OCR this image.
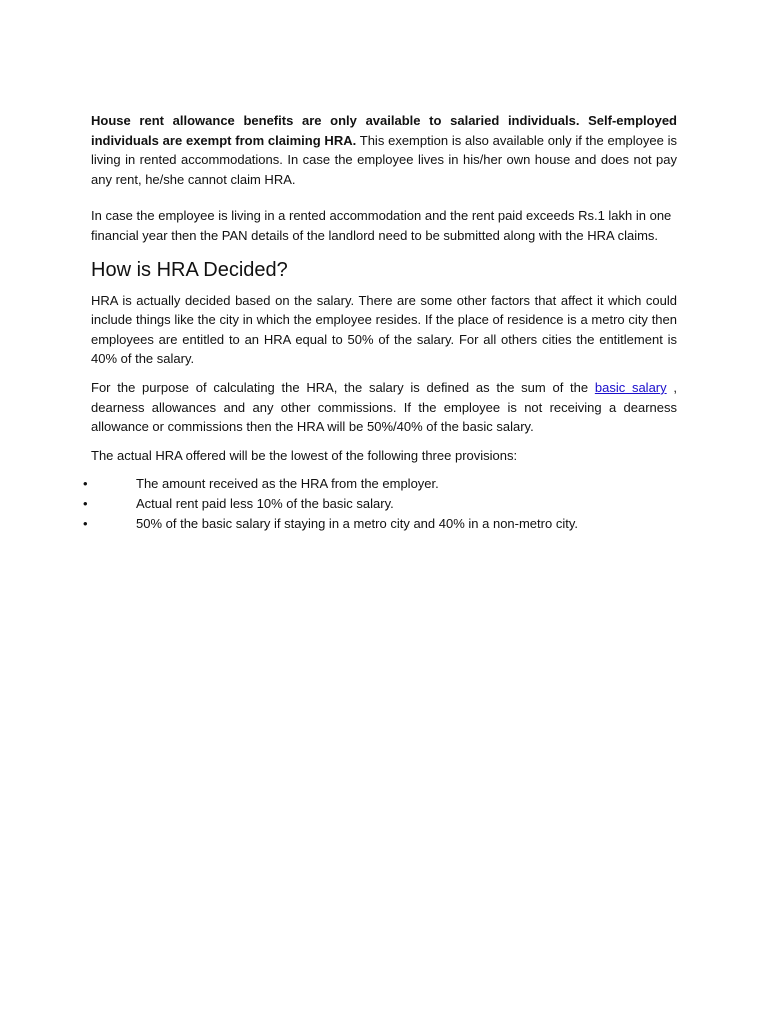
House rent allowance benefits are only available to salaried individuals. Self-employed individuals are exempt from claiming HRA. This exemption is also available only if the employee is living in rented accommodations. In case the employee lives in his/her own house and does not pay any rent, he/she cannot claim HRA.

In case the employee is living in a rented accommodation and the rent paid exceeds Rs.1 lakh in one financial year then the PAN details of the landlord need to be submitted along with the HRA claims.

How is HRA Decided?

HRA is actually decided based on the salary. There are some other factors that affect it which could include things like the city in which the employee resides. If the place of residence is a metro city then employees are entitled to an HRA equal to 50% of the salary. For all others cities the entitlement is 40% of the salary.

For the purpose of calculating the HRA, the salary is defined as the sum of the basic salary , dearness allowances and any other commissions. If the employee is not receiving a dearness allowance or commissions then the HRA will be 50%/40% of the basic salary.

The actual HRA offered will be the lowest of the following three provisions:

•	The amount received as the HRA from the employer.
•	Actual rent paid less 10% of the basic salary.
•	50% of the basic salary if staying in a metro city and 40% in a non-metro city.
